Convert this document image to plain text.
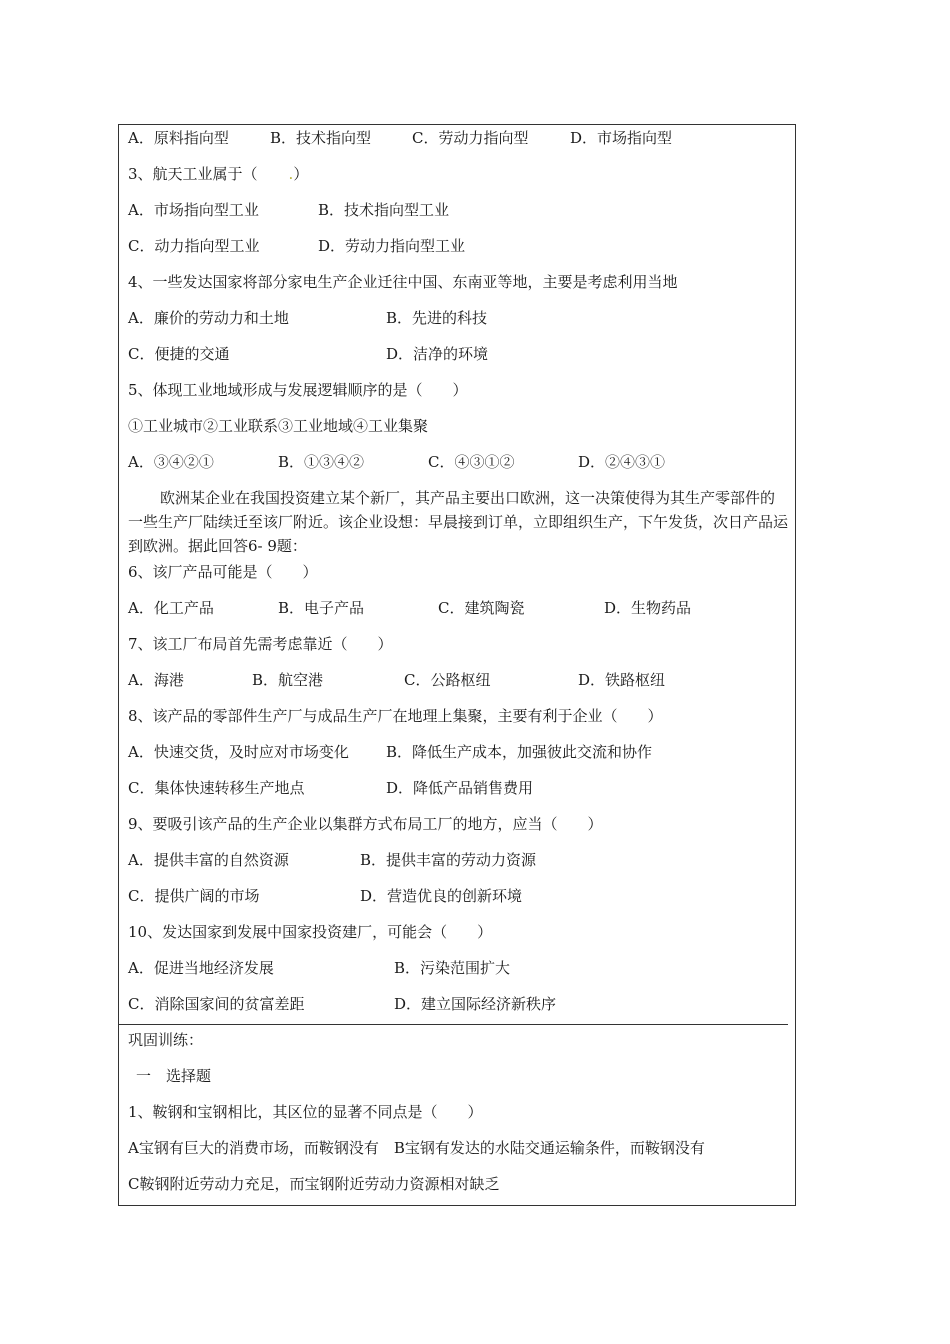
A．原料指向型	B．技术指向型	C．劳动力指向型	D．市场指向型
3、航天工业属于（　.）
A．市场指向型工业	B．技术指向型工业
C．动力指向型工业	D．劳动力指向型工业
4、一些发达国家将部分家电生产企业迁往中国、东南亚等地，主要是考虑利用当地
A．廉价的劳动力和土地	B．先进的科技
C．便捷的交通	D．洁净的环境
5、体现工业地域形成与发展逻辑顺序的是（　　）
①工业城市②工业联系③工业地域④工业集聚
A．③④②①	B．①③④②	C．④③①②	D．②④③①
欧洲某企业在我国投资建立某个新厂，其产品主要出口欧洲，这一决策使得为其生产零部件的一些生产厂陆续迁至该厂附近。该企业设想：早晨接到订单，立即组织生产，下午发货，次日产品运到欧洲。据此回答6- 9题：
6、该厂产品可能是（　　）
A．化工产品	B．电子产品	C．建筑陶瓷	D．生物药品
7、该工厂布局首先需考虑靠近（　　）
A．海港	B．航空港	C．公路枢纽	D．铁路枢纽
8、该产品的零部件生产厂与成品生产厂在地理上集聚，主要有利于企业（　　）
A．快速交货，及时应对市场变化 B．降低生产成本，加强彼此交流和协作
C．集体快速转移生产地点	D．降低产品销售费用
9、要吸引该产品的生产企业以集群方式布局工厂的地方，应当（　　）
A．提供丰富的自然资源	B．提供丰富的劳动力资源
C．提供广阔的市场	D．营造优良的创新环境
10、发达国家到发展中国家投资建厂，可能会（　　）
A．促进当地经济发展	B．污染范围扩大
C．消除国家间的贫富差距	D．建立国际经济新秩序
巩固训练：
一　选择题
1、鞍钢和宝钢相比，其区位的显著不同点是（　　）
A宝钢有巨大的消费市场，而鞍钢没有　B宝钢有发达的水陆交通运输条件，而鞍钢没有
C鞍钢附近劳动力充足，而宝钢附近劳动力资源相对缺乏
